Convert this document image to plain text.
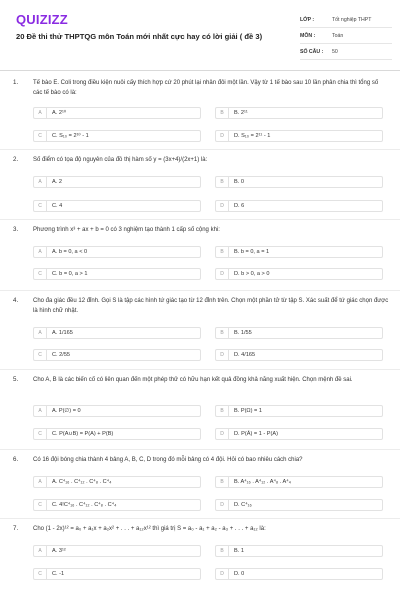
QUIZIZZ
20 Đề thi thử THPTQG môn Toán mới nhất cực hay có lời giải ( đề 3)
LỚP :	Tốt nghiệp THPT
MÔN :	Toán
SỐ CÂU :	50
1. Tế bào E. Coli trong điều kiện nuôi cấy thích hợp cứ 20 phút lại nhân đôi một lần. Vậy từ 1 tế bào sau 10 lần phân chia thì tổng số các tế bào có là:
A	A. 2¹⁰	B	B. 2¹¹
C	C. S₁₀ = 2¹⁰ - 1	D	D. S₁₀ = 2¹¹ - 1
2. Số điểm có tọa độ nguyên của đồ thị hàm số y = (3x+4)/(2x+1) là:
A	A. 2	B	B. 0
C	C. 4	D	D. 6
3. Phương trình x³ + ax + b = 0 có 3 nghiệm tạo thành 1 cấp số cộng khi:
A	A. b = 0, a < 0	B	B. b = 0, a = 1
C	C. b = 0, a > 1	D	D. b > 0, a > 0
4. Cho đa giác đều 12 đỉnh. Gọi S là tập các hình tứ giác tạo từ 12 đỉnh trên. Chọn một phần tử từ tập S. Xác suất để tứ giác chọn được là hình chữ nhật.
A	A. 1/165	B	B. 1/55
C	C. 2/55	D	D. 4/165
5. Cho A, B là các biến cố có liên quan đến một phép thử có hữu hạn kết quả đồng khả năng xuất hiện. Chọn mệnh đề sai.
A	A. P(∅) = 0	B	B. P(Ω) = 1
C	C. P(A∪B) = P(A) + P(B)	D	D. P(Ā) = 1 - P(A)
6. Có 16 đội bóng chia thành 4 bảng A, B, C, D trong đó mỗi bảng có 4 đội. Hỏi có bao nhiêu cách chia?
A	A. C⁴₁₆ . C⁴₁₂ . C⁴₈ . C⁴₄	B	B. A⁴₁₆ . A⁴₁₂ . A⁴₈ . A⁴₄
C	C. 4!C⁴₁₆ . C⁴₁₂ . C⁴₈ . C⁴₄	D	D. C⁴₁₆
7. Cho (1 - 2x)¹² = a₀ + a₁x + a₂x² + . . . + a₁₂x¹² thì giá trị S = a₀ - a₁ + a₂ - a₃ + . . . + a₁₂ là:
A	A. 3¹²	B	B. 1
C	C. -1	D	D. 0
